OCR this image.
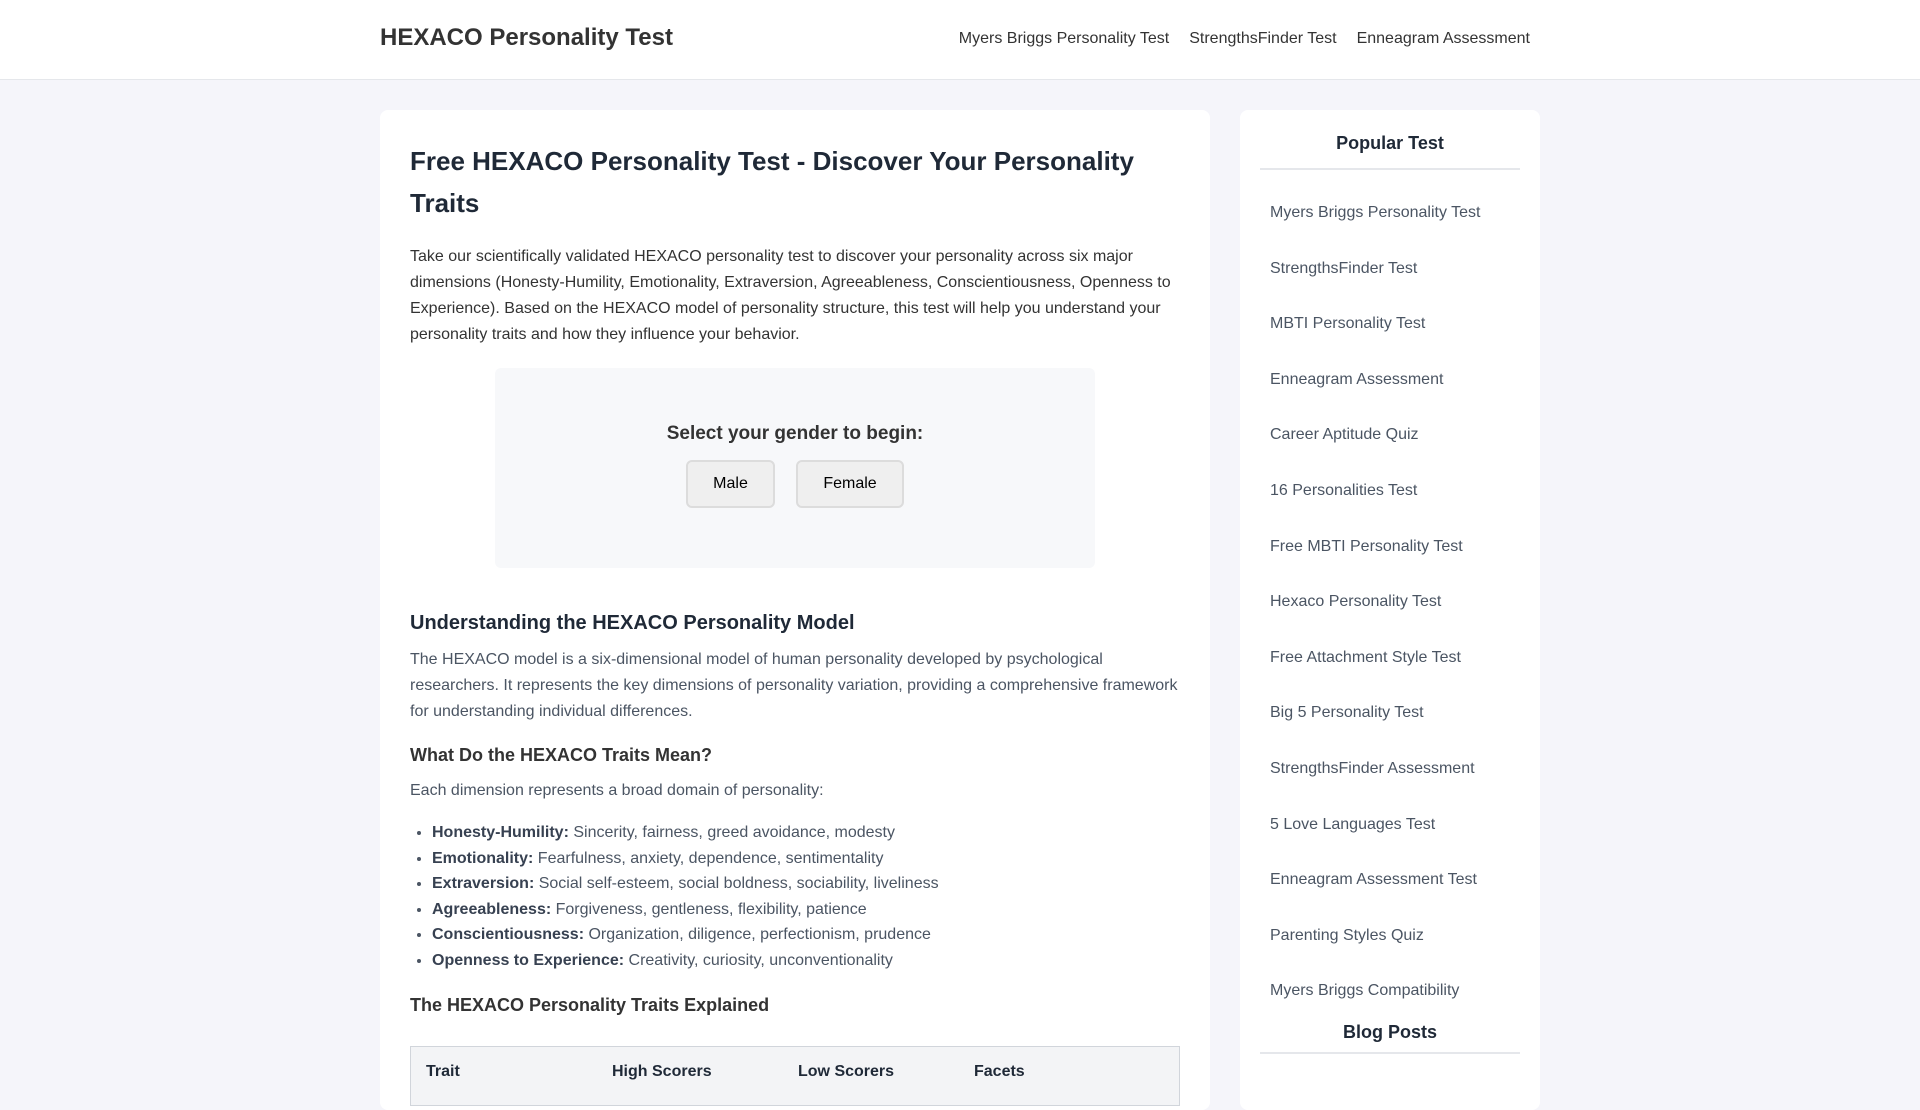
HEXACO Personality Test	Myers Briggs Personality Test StrengthsFinder Test Enneagram Assessment
Free HEXACO Personality Test - Discover Your Personality Traits

Take our scientifically validated HEXACO personality test to discover your personality across six major dimensions (Honesty-Humility, Emotionality, Extraversion, Agreeableness, Conscientiousness, Openness to Experience). Based on the HEXACO model of personality structure, this test will help you understand your personality traits and how they influence your behavior.

Select your gender to begin:
Male	Female
Understanding the HEXACO Personality Model

The HEXACO model is a six-dimensional model of human personality developed by psychological researchers. It represents the key dimensions of personality variation, providing a comprehensive framework for understanding individual differences.

What Do the HEXACO Traits Mean?

Each dimension represents a broad domain of personality:

• Honesty-Humility: Sincerity, fairness, greed avoidance, modesty
• Emotionality: Fearfulness, anxiety, dependence, sentimentality
• Extraversion: Social self-esteem, social boldness, sociability, liveliness
• Agreeableness: Forgiveness, gentleness, flexibility, patience
• Conscientiousness: Organization, diligence, perfectionism, prudence
• Openness to Experience: Creativity, curiosity, unconventionality
The HEXACO Personality Traits Explained
Trait	High Scorers	Low Scorers	Facets
Popular Test
Myers Briggs Personality Test
StrengthsFinder Test
MBTI Personality Test
Enneagram Assessment
Career Aptitude Quiz
16 Personalities Test
Free MBTI Personality Test
Hexaco Personality Test
Free Attachment Style Test
Big 5 Personality Test
StrengthsFinder Assessment
5 Love Languages Test
Enneagram Assessment Test
Parenting Styles Quiz
Myers Briggs Compatibility
Blog Posts
